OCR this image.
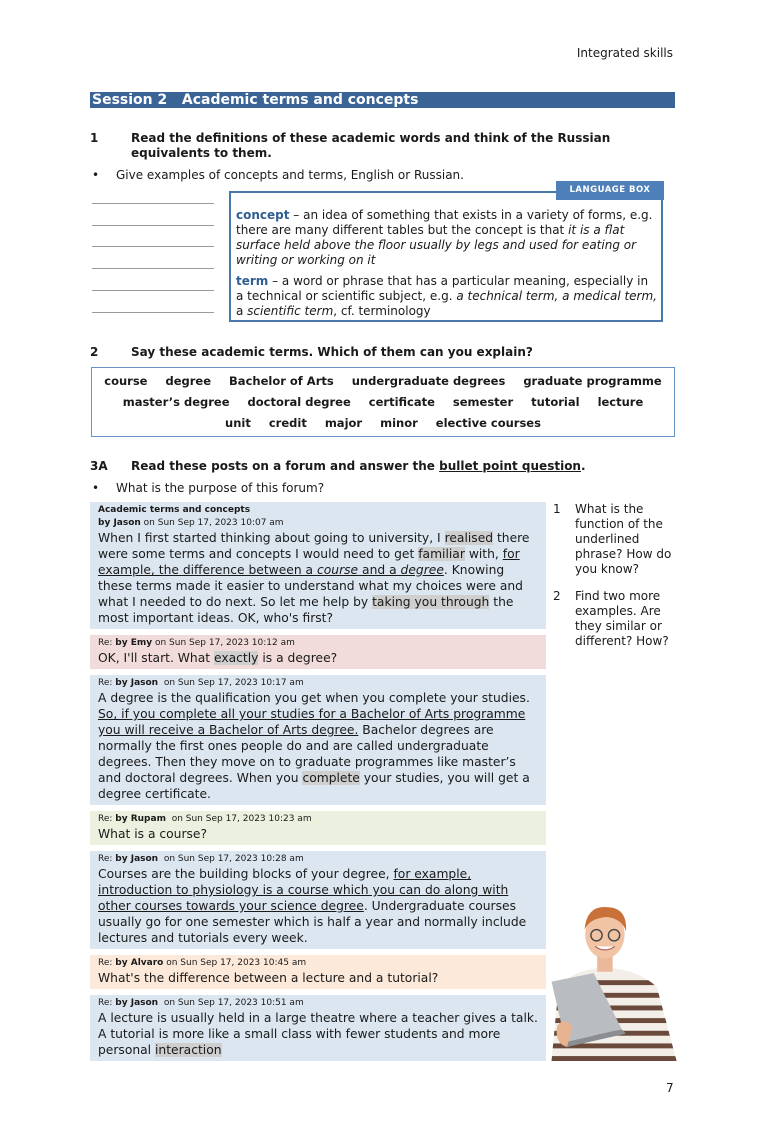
Integrated skills
Session 2   Academic terms and concepts
1	Read the definitions of these academic words and think of the Russian equivalents to them.
• Give examples of concepts and terms, English or Russian.
concept – an idea of something that exists in a variety of forms, e.g. there are many different tables but the concept is that it is a flat surface held above the floor usually by legs and used for eating or writing or working on it
term – a word or phrase that has a particular meaning, especially in a technical or scientific subject, e.g. a technical term, a medical term, a scientific term, cf. terminology
LANGUAGE BOX
2	Say these academic terms. Which of them can you explain?
course degree Bachelor of Arts undergraduate degrees graduate programme
master’s degree doctoral degree certificate semester tutorial lecture
unit credit major minor elective courses
3A Read these posts on a forum and answer the bullet point question.
• What is the purpose of this forum?
Academic terms and concepts
by Jason on Sun Sep 17, 2023 10:07 am
When I first started thinking about going to university, I realised there were some terms and concepts I would need to get familiar with, for example, the difference between a course and a degree. Knowing these terms made it easier to understand what my choices were and what I needed to do next. So let me help by taking you through the most important ideas. OK, who's first?
Re: by Emy on Sun Sep 17, 2023 10:12 am
OK, I'll start. What exactly is a degree?
Re: by Jason  on Sun Sep 17, 2023 10:17 am
A degree is the qualification you get when you complete your studies. So, if you complete all your studies for a Bachelor of Arts programme you will receive a Bachelor of Arts degree. Bachelor degrees are normally the first ones people do and are called undergraduate degrees. Then they move on to graduate programmes like master’s and doctoral degrees. When you complete your studies, you will get a degree certificate.
Re: by Rupam  on Sun Sep 17, 2023 10:23 am
What is a course?
Re: by Jason  on Sun Sep 17, 2023 10:28 am
Courses are the building blocks of your degree, for example, introduction to physiology is a course which you can do along with other courses towards your science degree. Undergraduate courses usually go for one semester which is half a year and normally include lectures and tutorials every week.
Re: by Alvaro on Sun Sep 17, 2023 10:45 am
What's the difference between a lecture and a tutorial?
Re: by Jason  on Sun Sep 17, 2023 10:51 am
A lecture is usually held in a large theatre where a teacher gives a talk. A tutorial is more like a small class with fewer students and more personal interaction
1 What is the function of the underlined phrase? How do you know?
2 Find two more examples. Are they similar or different? How?
7
